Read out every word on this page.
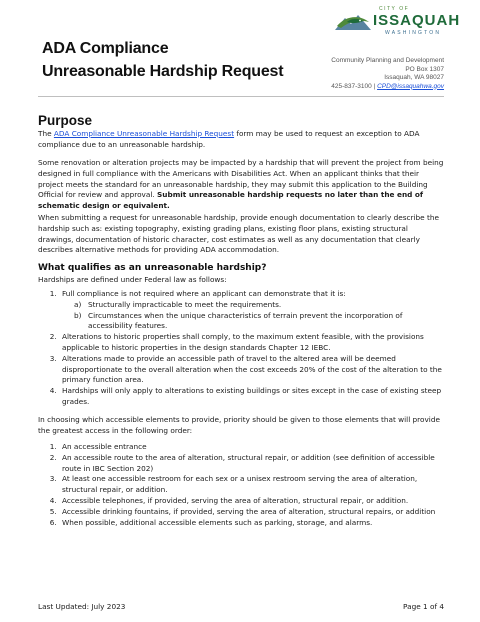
ADA Compliance
Unreasonable Hardship Request
CITY OF
ISSAQUAH
WASHINGTON
Community Planning and Development
PO Box 1307
Issaquah, WA 98027
425-837-3100 | CPD@issaquahwa.gov
Purpose

The ADA Compliance Unreasonable Hardship Request form may be used to request an exception to ADA compliance due to an unreasonable hardship.

Some renovation or alteration projects may be impacted by a hardship that will prevent the project from being designed in full compliance with the Americans with Disabilities Act. When an applicant thinks that their project meets the standard for an unreasonable hardship, they may submit this application to the Building Official for review and approval. Submit unreasonable hardship requests no later than the end of schematic design or equivalent.

When submitting a request for unreasonable hardship, provide enough documentation to clearly describe the hardship such as: existing topography, existing grading plans, existing floor plans, existing structural drawings, documentation of historic character, cost estimates as well as any documentation that clearly describes alternative methods for providing ADA accommodation.

What qualifies as an unreasonable hardship?

Hardships are defined under Federal law as follows:

1. Full compliance is not required where an applicant can demonstrate that it is:
a) Structurally impracticable to meet the requirements.
b) Circumstances when the unique characteristics of terrain prevent the incorporation of accessibility features.
2. Alterations to historic properties shall comply, to the maximum extent feasible, with the provisions applicable to historic properties in the design standards Chapter 12 IEBC.
3. Alterations made to provide an accessible path of travel to the altered area will be deemed disproportionate to the overall alteration when the cost exceeds 20% of the cost of the alteration to the primary function area.
4. Hardships will only apply to alterations to existing buildings or sites except in the case of existing steep grades.

In choosing which accessible elements to provide, priority should be given to those elements that will provide the greatest access in the following order:

1. An accessible entrance
2. An accessible route to the area of alteration, structural repair, or addition (see definition of accessible route in IBC Section 202)
3. At least one accessible restroom for each sex or a unisex restroom serving the area of alteration, structural repair, or addition.
4. Accessible telephones, if provided, serving the area of alteration, structural repair, or addition.
5. Accessible drinking fountains, if provided, serving the area of alteration, structural repairs, or addition
6. When possible, additional accessible elements such as parking, storage, and alarms.
Last Updated: July 2023	Page 1 of 4
